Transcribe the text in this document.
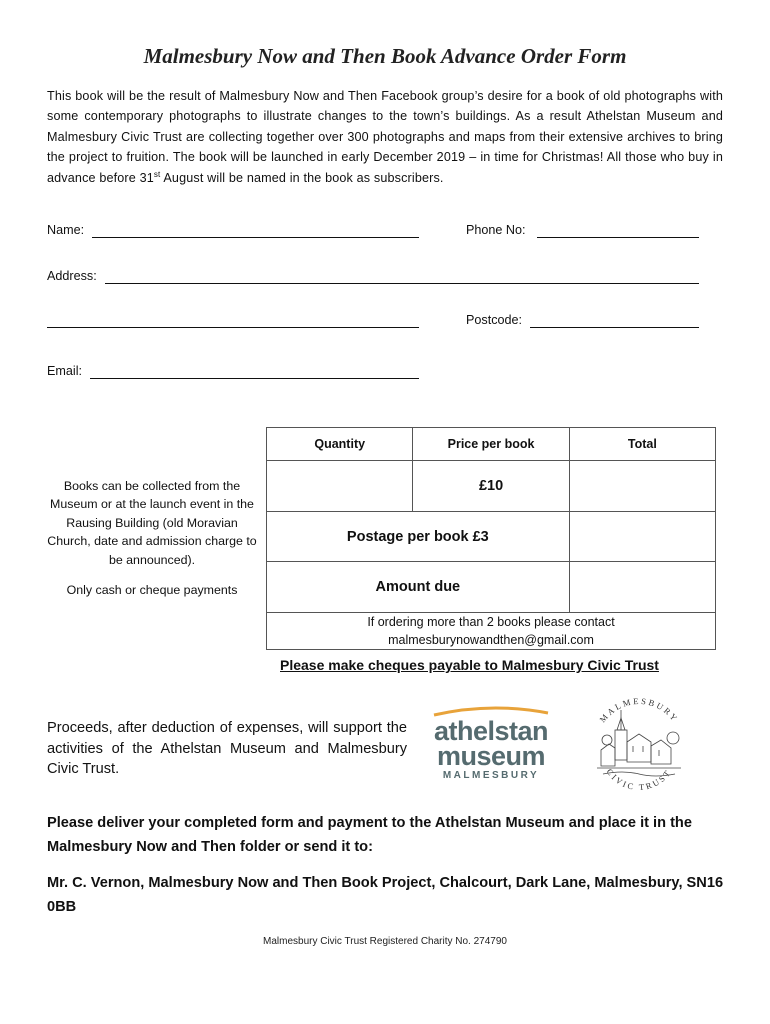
Malmesbury Now and Then Book Advance Order Form
This book will be the result of Malmesbury Now and Then Facebook group’s desire for a book of old photographs with some contemporary photographs to illustrate changes to the town’s buildings. As a result Athelstan Museum and Malmesbury Civic Trust are collecting together over 300 photographs and maps from their extensive archives to bring the project to fruition. The book will be launched in early December 2019 – in time for Christmas! All those who buy in advance before 31st August will be named in the book as subscribers.
Name:	Phone No:
Address:
Postcode:
Email:
Books can be collected from the Museum or at the launch event in the Rausing Building (old Moravian Church, date and admission charge to be announced).
Only cash or cheque payments
Quantity	Price per book	Total
	£10	
Postage per book £3		
Amount due		

If ordering more than 2 books please contact
malmesburynowandthen@gmail.com		
Please make cheques payable to Malmesbury Civic Trust
Proceeds, after deduction of expenses, will support the activities of the Athelstan Museum and Malmesbury Civic Trust.
athelstan
museum
MALMESBURY
MALMESBURY
CIVIC TRUST
Please deliver your completed form and payment to the Athelstan Museum and place it in the Malmesbury Now and Then folder or send it to:
Mr. C. Vernon, Malmesbury Now and Then Book Project, Chalcourt, Dark Lane, Malmesbury, SN16 0BB
Malmesbury Civic Trust Registered Charity No. 274790
